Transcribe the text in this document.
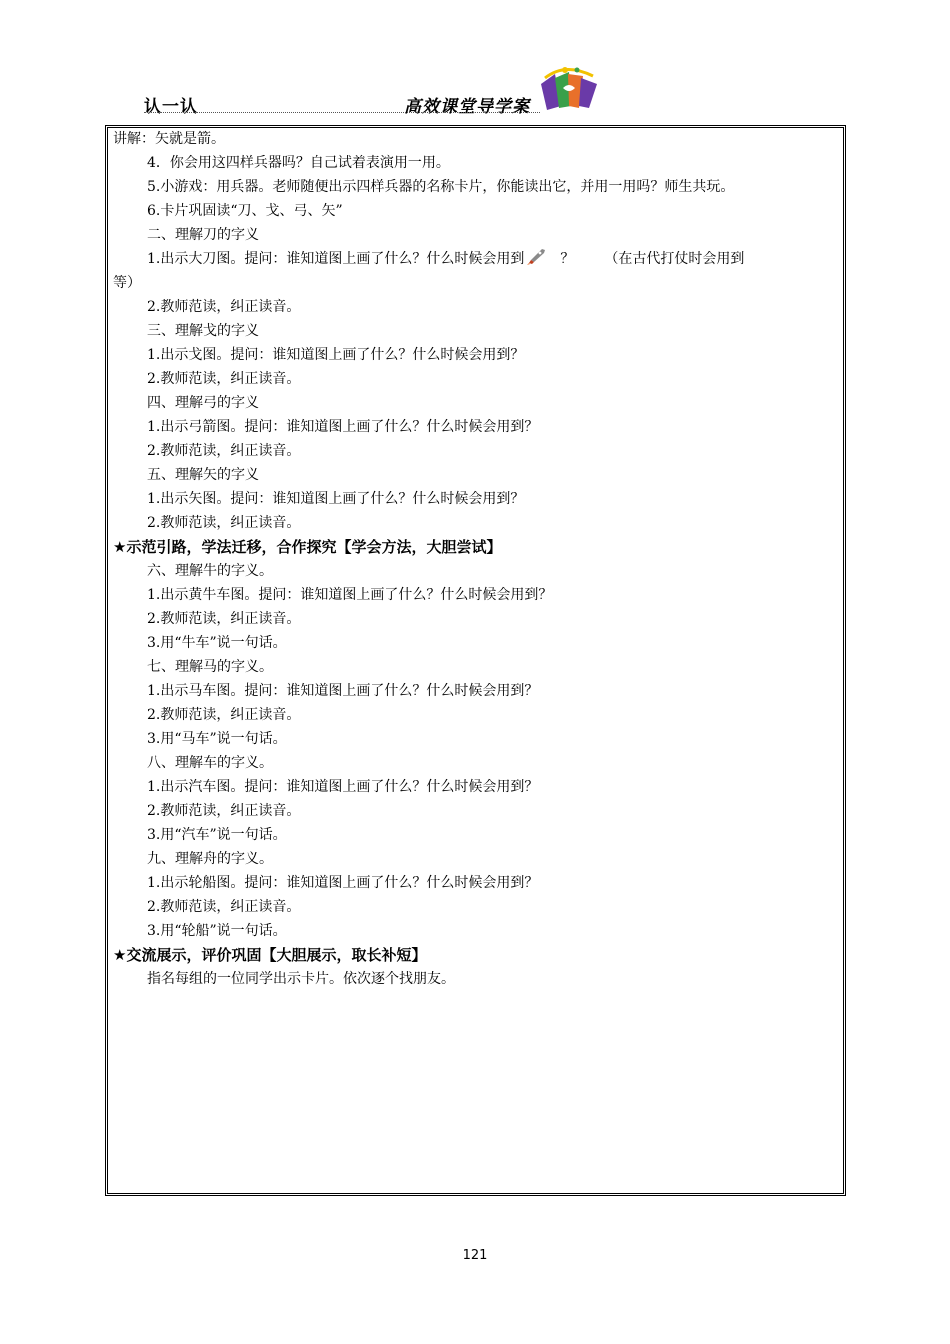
认一认	高效课堂导学案
讲解：矢就是箭。
4．你会用这四样兵器吗？自己试着表演用一用。
5.小游戏：用兵器。老师随便出示四样兵器的名称卡片，你能读出它，并用一用吗？师生共玩。
6.卡片巩固读“刀、戈、弓、矢”
二、理解刀的字义
1.出示大刀图。提问：谁知道图上画了什么？什么时候会用到	？ （在古代打仗时会用到
等）
2.教师范读，纠正读音。
三、理解戈的字义
1.出示戈图。提问：谁知道图上画了什么？什么时候会用到？
2.教师范读，纠正读音。
四、理解弓的字义
1.出示弓箭图。提问：谁知道图上画了什么？什么时候会用到？
2.教师范读，纠正读音。
五、理解矢的字义
1.出示矢图。提问：谁知道图上画了什么？什么时候会用到？
2.教师范读，纠正读音。
★示范引路，学法迁移，合作探究【学会方法，大胆尝试】
六、理解牛的字义。
1.出示黄牛车图。提问：谁知道图上画了什么？什么时候会用到？
2.教师范读，纠正读音。
3.用“牛车”说一句话。
七、理解马的字义。
1.出示马车图。提问：谁知道图上画了什么？什么时候会用到？
2.教师范读，纠正读音。
3.用“马车”说一句话。
八、理解车的字义。
1.出示汽车图。提问：谁知道图上画了什么？什么时候会用到？
2.教师范读，纠正读音。
3.用“汽车”说一句话。
九、理解舟的字义。
1.出示轮船图。提问：谁知道图上画了什么？什么时候会用到？
2.教师范读，纠正读音。
3.用“轮船”说一句话。
★交流展示，评价巩固【大胆展示，取长补短】
指名每组的一位同学出示卡片。依次逐个找朋友。
121
